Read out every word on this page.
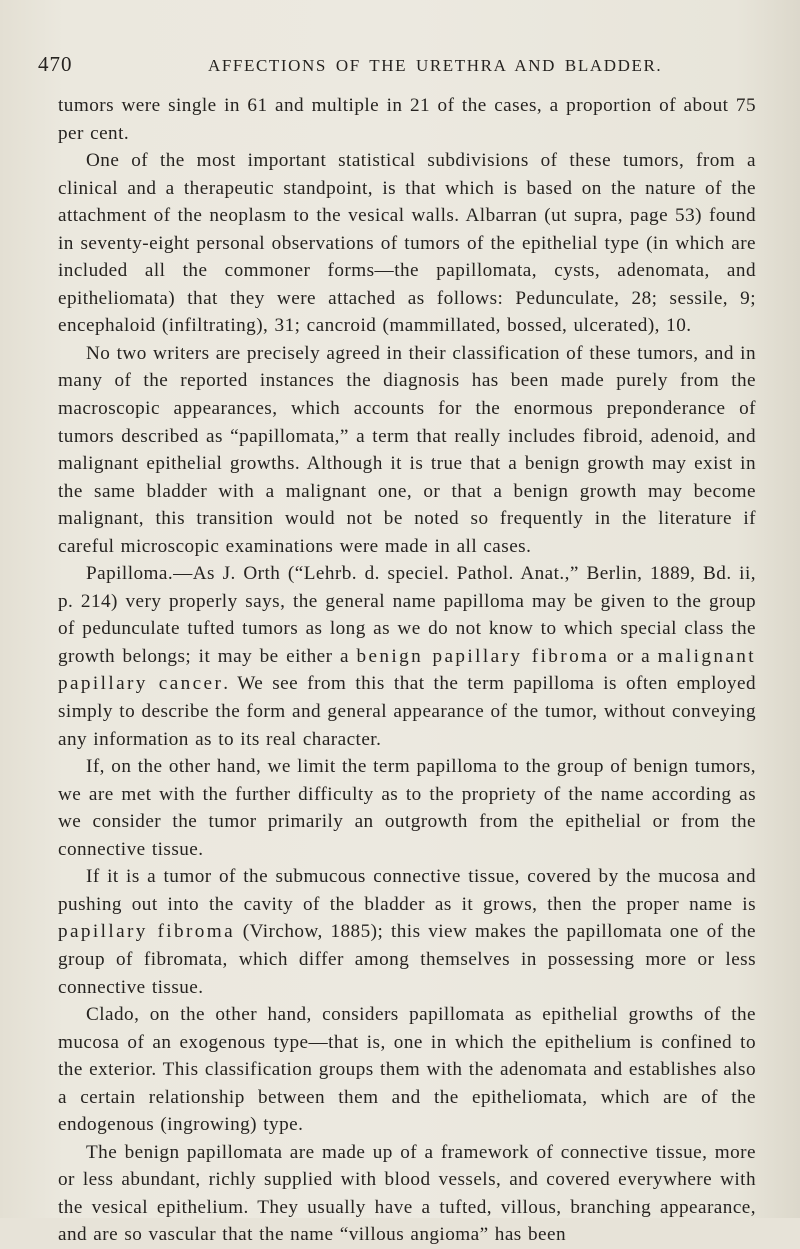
470	AFFECTIONS OF THE URETHRA AND BLADDER.

tumors were single in 61 and multiple in 21 of the cases, a proportion of about 75 per cent.

One of the most important statistical subdivisions of these tumors, from a clinical and a therapeutic standpoint, is that which is based on the nature of the attachment of the neoplasm to the vesical walls. Albarran (ut supra, page 53) found in seventy-eight personal observations of tumors of the epithelial type (in which are included all the commoner forms—the papillomata, cysts, adenomata, and epitheliomata) that they were attached as follows: Pedunculate, 28; sessile, 9; encephaloid (infiltrating), 31; cancroid (mammillated, bossed, ulcerated), 10.

No two writers are precisely agreed in their classification of these tumors, and in many of the reported instances the diagnosis has been made purely from the macroscopic appearances, which accounts for the enormous preponderance of tumors described as “papillomata,” a term that really includes fibroid, adenoid, and malignant epithelial growths. Although it is true that a benign growth may exist in the same bladder with a malignant one, or that a benign growth may become malignant, this transition would not be noted so frequently in the literature if careful microscopic examinations were made in all cases.

Papilloma.—As J. Orth (“Lehrb. d. speciel. Pathol. Anat.,” Berlin, 1889, Bd. ii, p. 214) very properly says, the general name papilloma may be given to the group of pedunculate tufted tumors as long as we do not know to which special class the growth belongs; it may be either a benign papillary fibroma or a malignant papillary cancer. We see from this that the term papilloma is often employed simply to describe the form and general appearance of the tumor, without conveying any information as to its real character.

If, on the other hand, we limit the term papilloma to the group of benign tumors, we are met with the further difficulty as to the propriety of the name according as we consider the tumor primarily an outgrowth from the epithelial or from the connective tissue.

If it is a tumor of the submucous connective tissue, covered by the mucosa and pushing out into the cavity of the bladder as it grows, then the proper name is papillary fibroma (Virchow, 1885); this view makes the papillomata one of the group of fibromata, which differ among themselves in possessing more or less connective tissue.

Clado, on the other hand, considers papillomata as epithelial growths of the mucosa of an exogenous type—that is, one in which the epithelium is confined to the exterior. This classification groups them with the adenomata and establishes also a certain relationship between them and the epitheliomata, which are of the endogenous (ingrowing) type.

The benign papillomata are made up of a framework of connective tissue, more or less abundant, richly supplied with blood vessels, and covered everywhere with the vesical epithelium. They usually have a tufted, villous, branching appearance, and are so vascular that the name “villous angioma” has been
